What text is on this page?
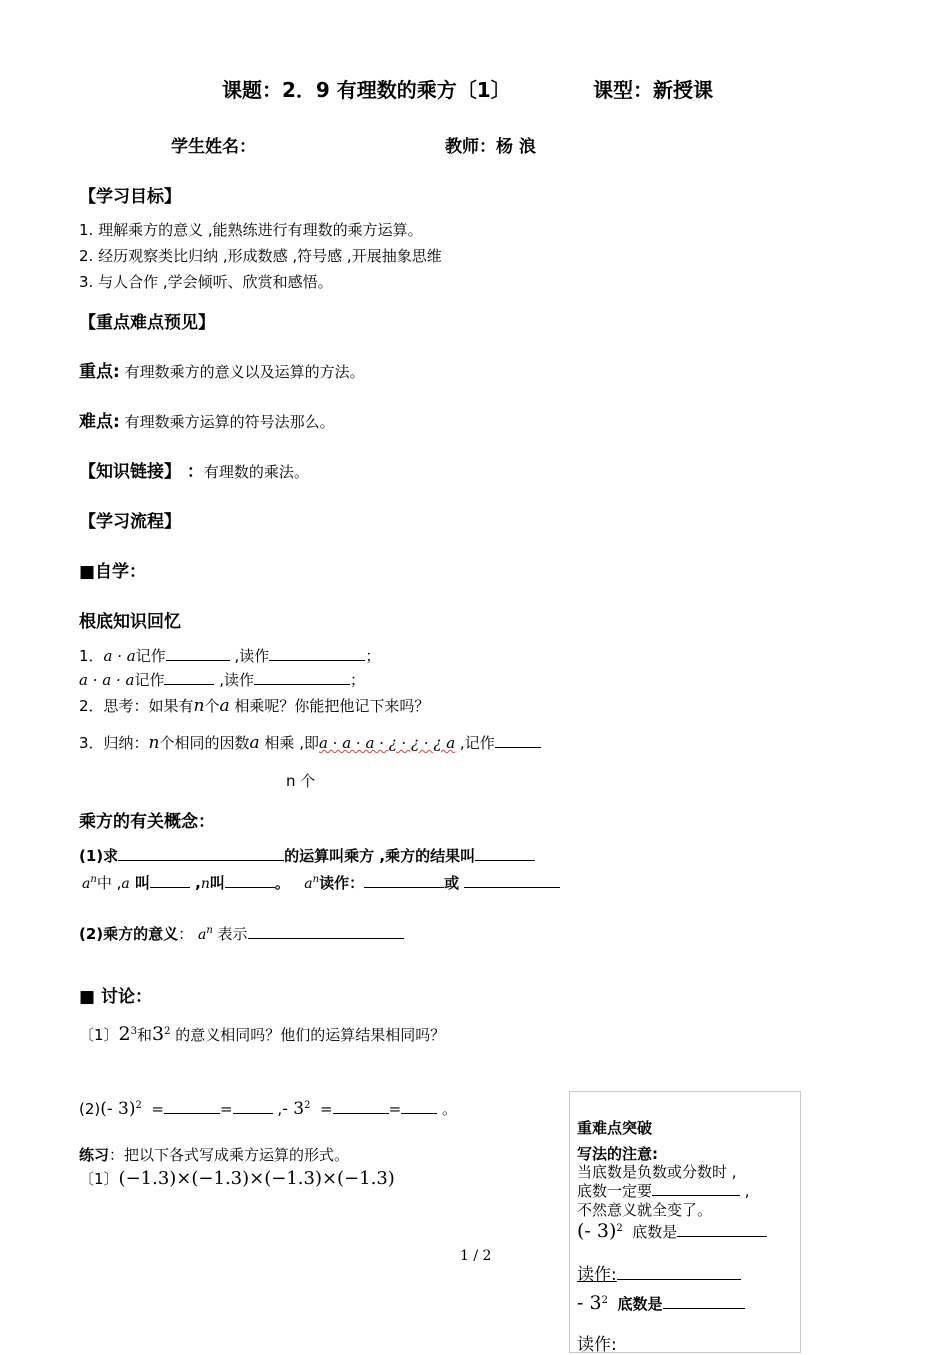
课题：2．9 有理数的乘方〔1〕	课型：新授课
学生姓名：	教师：杨 浪
【学习目标】
1. 理解乘方的意义 ,能熟练进行有理数的乘方运算。
2. 经历观察类比归纳 ,形成数感 ,符号感 ,开展抽象思维
3. 与人合作 ,学会倾听、欣赏和感悟。
【重点难点预见】
重点: 有理数乘方的意义以及运算的方法。
难点: 有理数乘方运算的符号法那么。
【知识链接】 ：有理数的乘法。
【学习流程】
■自学：
根底知识回忆
1．a · a记作	,读作	；
a · a · a记作	,读作	；
2．思考：如果有n个a 相乘呢？你能把他记下来吗？
3．归纳：n个相同的因数a 相乘 ,即a · a · a · ¿ · ¿ · ¿ a ,记作
n 个
乘方的有关概念：
(1)求	的运算叫乘方 ,乘方的结果叫
$a^n$中 ,a 叫	,n叫	。 $a^n$读作：	或
(2)乘方的意义： $a^n$ 表示
■ 讨论：
〔1〕$2^3$和$3^2$ 的意义相同吗？他们的运算结果相同吗？
(2)(- 3)$^2$ =	=	,- $3^2$ =	=	。
练习：把以下各式写成乘方运算的形式。
〔1〕(−1.3)×(−1.3)×(−1.3)×(−1.3)
重难点突破
写法的注意:
当底数是负数或分数时 ,
底数一定要	,
不然意义就全变了。
(- 3)$^2$ 底数是
读作:
- $3^2$ 底数是
读作:
1 / 2
